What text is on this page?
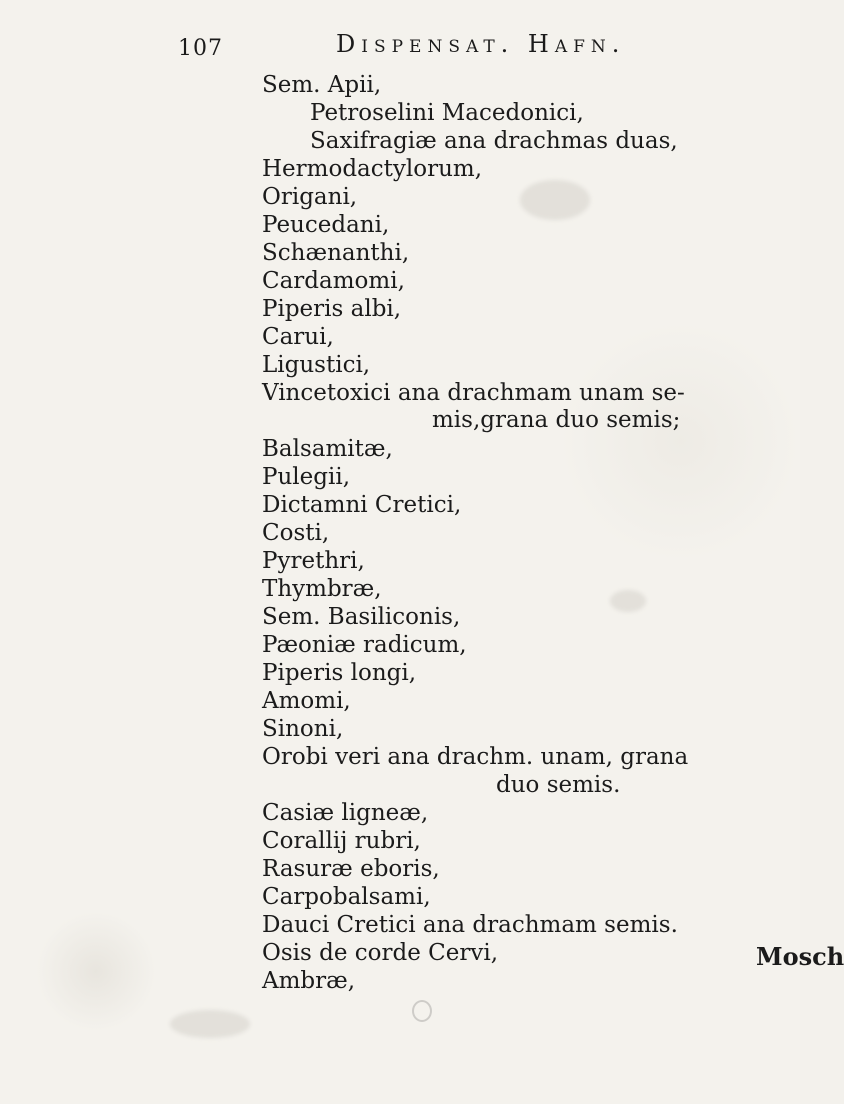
107	Dispensat. Hafn.
Sem. Apii,
Petroselini Macedonici,
Saxifragiæ ana drachmas duas,
Hermodactylorum,
Origani,
Peucedani,
Schænanthi,
Cardamomi,
Piperis albi,
Carui,
Ligustici,
Vincetoxici ana drachmam unam se-
mis,grana duo semis;
Balsamitæ,
Pulegii,
Dictamni Cretici,
Costi,
Pyrethri,
Thymbræ,
Sem. Basiliconis,
Pæoniæ radicum,
Piperis longi,
Amomi,
Sinoni,
Orobi veri ana drachm. unam, grana
duo semis.
Casiæ ligneæ,
Corallij rubri,
Rasuræ eboris,
Carpobalsami,
Dauci Cretici ana drachmam semis.
Osis de corde Cervi,
Ambræ,
Mosch
